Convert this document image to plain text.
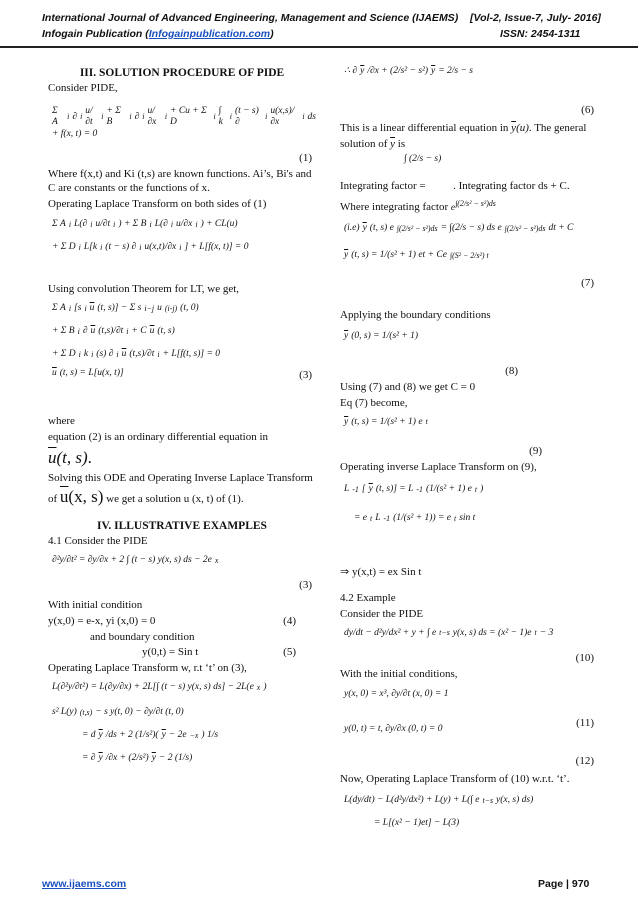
International Journal of Advanced Engineering, Management and Science (IJAEMS) [Vol-2, Issue-7, July- 2016]
Infogain Publication (Infogainpublication.com)	ISSN: 2454-1311

III. SOLUTION PROCEDURE OF PIDE

Consider PIDE,

Σ A
i ∂ i
u/∂t
i
+ Σ B
i ∂ i
u/∂x
i
+ Cu + Σ D
i
∫ k
i
(t − s) ∂
i
u(x,s)/∂x
i ds
+ f(x, t) = 0
(1)

Where f(x,t) and Ki (t,s) are known functions. Ai’s, Bi's and C are constants or the functions of x.

Operating Laplace Transform on both sides of (1)

Σ A i L(∂ i u/∂t i ) + Σ B i L(∂ i u/∂x i ) + CL(u)
+ Σ D i L[k i (t − s) ∂ i u(x,t)/∂x i ] + L[f(x, t)] = 0

Using convolution Theorem for LT, we get,

Σ A i [s i $\overline{u}$ (t, s)] − Σ s i−j u (i-j) (t, 0)
+ Σ B i ∂ $\overline{u}$ (t,s)/∂t i + C $\overline{u}$ (t, s)
+ Σ D i k i (s) ∂ i $\overline{u}$ (t,s)/∂t i + L[f(t, s)] = 0
$\overline{u}$ (t, s) = L[u(x, t)]	(3)

where

equation (2) is an ordinary differential equation in

$\overline{u}(t$, s).

Solving this ODE and Operating Inverse Laplace Transform of $\overline{u}(x$, s) we get a solution u (x, t) of (1).

IV. ILLUSTRATIVE EXAMPLES

4.1 Consider the PIDE

∂²y/∂t² = ∂y/∂x + 2 ∫ (t − s) y(x, s) ds − 2e x
(3)

With initial condition

y(x,0) = e-x, yi (x,0) = 0	(4)

and boundary condition

y(0,t) = Sin t	(5)

Operating Laplace Transform w, r.t ‘t’ on (3),

L(∂²y/∂t²) = L(∂y/∂x) + 2L[∫ (t − s) y(x, s) ds] − 2L(e x )
s² L(y) (t,s) − s y(t, 0) − ∂y/∂t (t, 0)
= d $\overline{y}$ /ds + 2 (1/s²)( $\overline{y} - 2e -x$ ) 1/s
= ∂ $\overline{y}$ /∂x + (2/s²) $\overline{y} - 2$ (1/s)
∴ ∂ $\overline{y}$ /∂x + (2/s² − s²) $\overline{y} = 2/s - s$
(6)

This is a linear differential equation in $\overline{y}(u)$. The general

solution of $\overline{y}$ is

∫ (2/s − s)

Integrating factor =	. Integrating factor ds + C.

Where integrating factor $e^{\int(2/s^2 - s^2)ds}$

(i.e) $\overline{y}$ (t, s) e ∫(2/s² − s²)ds = ∫(2/s − s) ds e ∫(2/s² − s²)ds dt + C
$\overline{y}$ (t, s) = 1/(s² + 1) et + Ce ∫(S² − 2/s²) t
(7)

Applying the boundary conditions

$\overline{y}$ (0, s) = 1/(s² + 1)
(8)

Using (7) and (8) we get C = 0

Eq (7) become,

$\overline{y}$ (t, s) = 1/(s² + 1) e t
(9)

Operating inverse Laplace Transform on (9),

L -1 [ $\overline{y}$ (t, s)] = L -1 (1/(s² + 1) e t )
= e t L -1 (1/(s² + 1)) = e t sin t

⇒ y(x,t) = ex Sin t

4.2 Example

Consider the PIDE

dy/dt − d²y/dx² + y + ∫ e t−s y(x, s) ds = (x² − 1)e t − 3
(10)

With the initial conditions,

y(x, 0) = x³, ∂y/∂t (x, 0) = 1
(11)
y(0, t) = t, ∂y/∂x (0, t) = 0
(12)

Now, Operating Laplace Transform of (10) w.r.t. ‘t’.

L(dy/dt) − L(d²y/dx²) + L(y) + L(∫ e t−s y(x, s) ds)
= L[(x² − 1)et] − L(3)
www.ijaems.com	Page | 970
